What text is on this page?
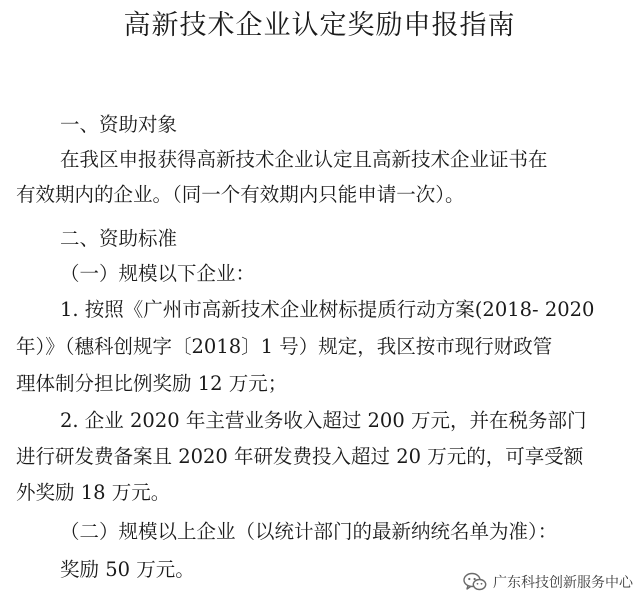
高新技术企业认定奖励申报指南
一、资助对象
在我区申报获得高新技术企业认定且高新技术企业证书在
有效期内的企业。（同一个有效期内只能申请一次）。
二、资助标准
（一）规模以下企业：
1. 按照《广州市高新技术企业树标提质行动方案(2018- 2020
年）》（穗科创规字〔2018〕1 号）规定，我区按市现行财政管
理体制分担比例奖励 12 万元；
2. 企业 2020 年主营业务收入超过 200 万元，并在税务部门
进行研发费备案且 2020 年研发费投入超过 20 万元的，可享受额
外奖励 18 万元。
（二）规模以上企业（以统计部门的最新纳统名单为准）：
奖励 50 万元。
广东科技创新服务中心
